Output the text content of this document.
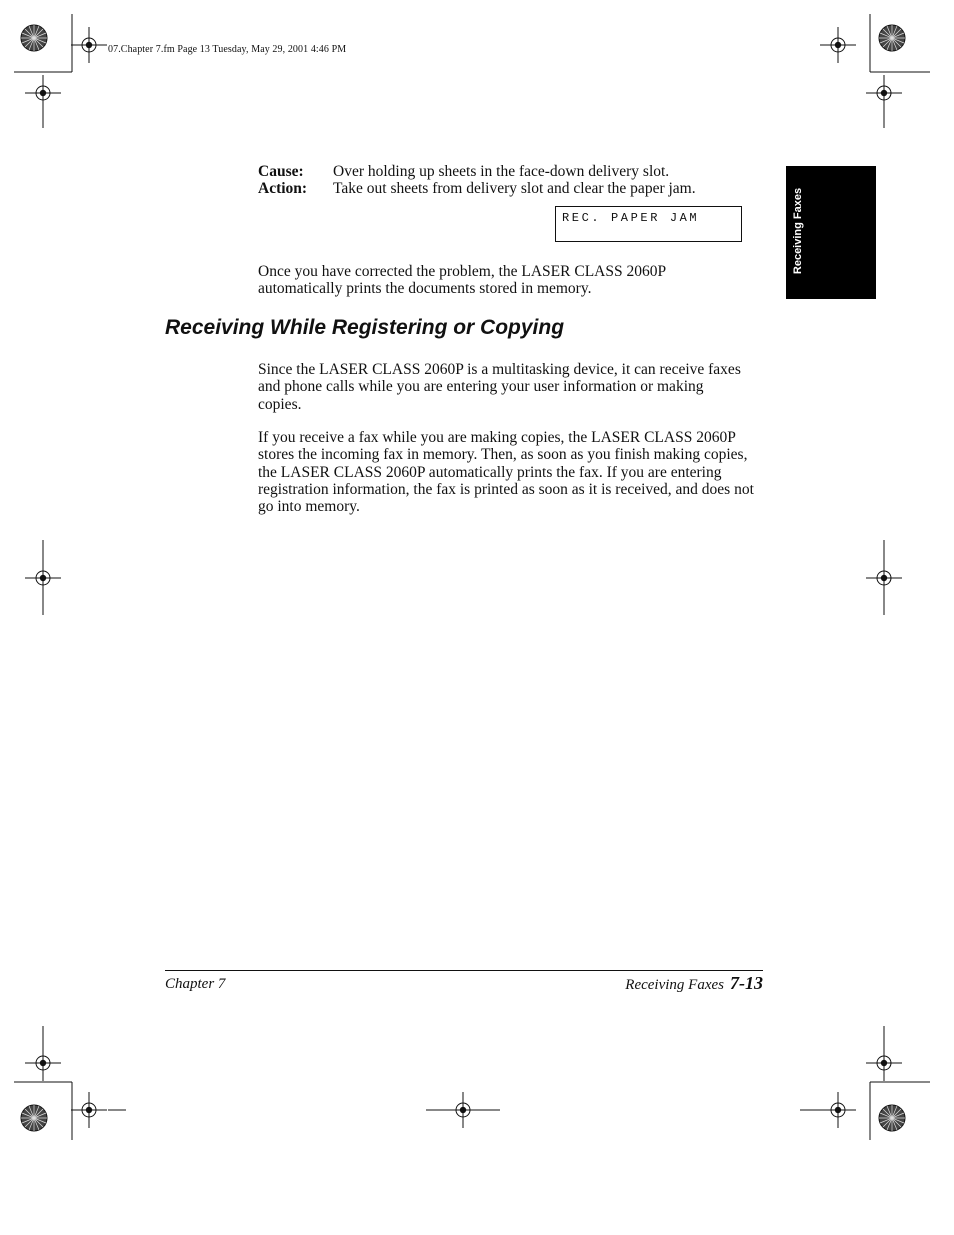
07.Chapter 7.fm Page 13 Tuesday, May 29, 2001 4:46 PM
Receiving Faxes
Cause: Over holding up sheets in the face-down delivery slot.
Action: Take out sheets from delivery slot and clear the paper jam.
REC. PAPER JAM
Once you have corrected the problem, the LASER CLASS 2060P automatically prints the documents stored in memory.
Receiving While Registering or Copying
Since the LASER CLASS 2060P is a multitasking device, it can receive faxes and phone calls while you are entering your user information or making copies.
If you receive a fax while you are making copies, the LASER CLASS 2060P stores the incoming fax in memory. Then, as soon as you finish making copies, the LASER CLASS 2060P automatically prints the fax. If you are entering registration information, the fax is printed as soon as it is received, and does not go into memory.
Chapter 7	Receiving Faxes 7-13
